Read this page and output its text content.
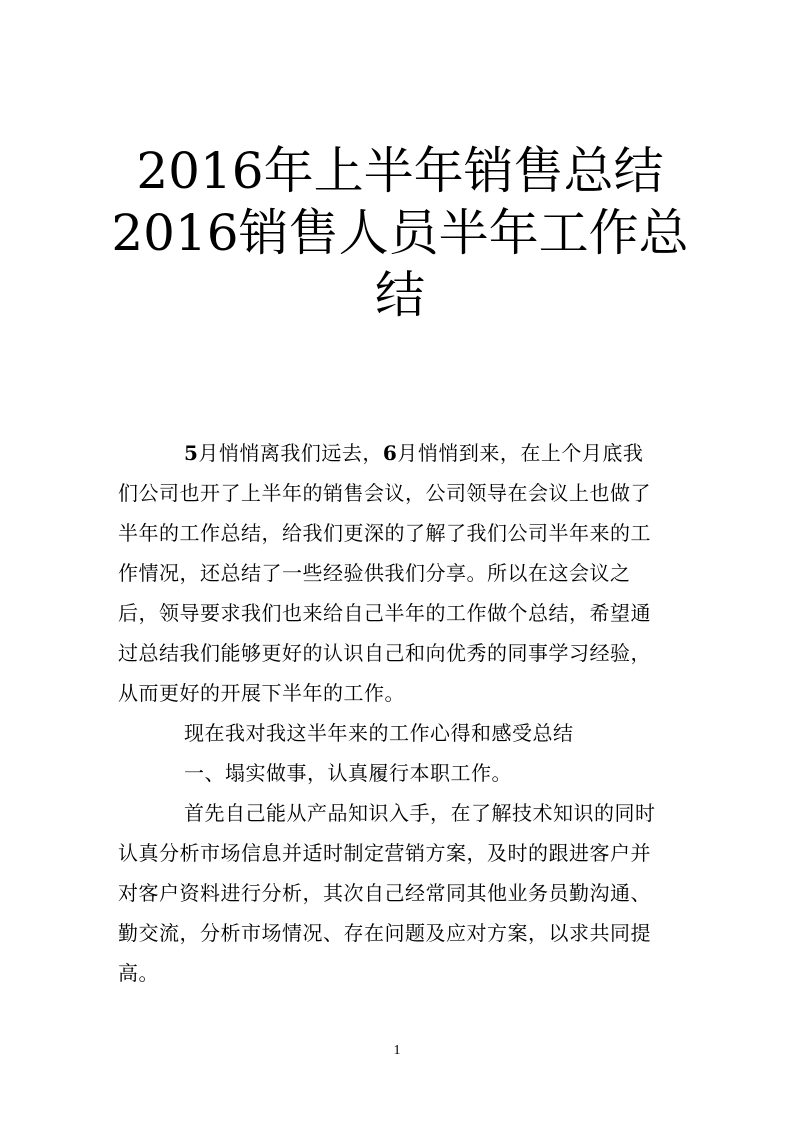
2016年上半年销售总结
2016销售人员半年工作总
结

5月悄悄离我们远去，6月悄悄到来，在上个月底我们公司也开了上半年的销售会议，公司领导在会议上也做了半年的工作总结，给我们更深的了解了我们公司半年来的工作情况，还总结了一些经验供我们分享。所以在这会议之后，领导要求我们也来给自己半年的工作做个总结，希望通过总结我们能够更好的认识自己和向优秀的同事学习经验，从而更好的开展下半年的工作。

现在我对我这半年来的工作心得和感受总结

一、塌实做事，认真履行本职工作。

首先自己能从产品知识入手，在了解技术知识的同时认真分析市场信息并适时制定营销方案，及时的跟进客户并对客户资料进行分析，其次自己经常同其他业务员勤沟通、勤交流，分析市场情况、存在问题及应对方案，以求共同提高。

1
